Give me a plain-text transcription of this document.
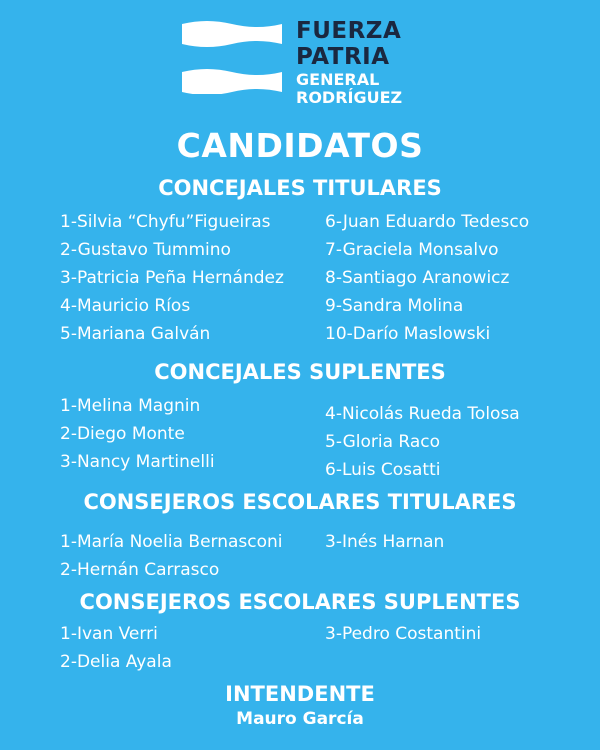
FUERZA
PATRIA
GENERAL
RODRÍGUEZ
CANDIDATOS
CONCEJALES TITULARES
1-Silvia “Chyfu”Figueiras
2-Gustavo Tummino
3-Patricia Peña Hernández
4-Mauricio Ríos
5-Mariana Galván
6-Juan Eduardo Tedesco
7-Graciela Monsalvo
8-Santiago Aranowicz
9-Sandra Molina
10-Darío Maslowski
CONCEJALES SUPLENTES
1-Melina Magnin
2-Diego Monte
3-Nancy Martinelli
4-Nicolás Rueda Tolosa
5-Gloria Raco
6-Luis Cosatti
CONSEJEROS ESCOLARES TITULARES
1-María Noelia Bernasconi
2-Hernán Carrasco
3-Inés Harnan
CONSEJEROS ESCOLARES SUPLENTES
1-Ivan Verri
2-Delia Ayala
3-Pedro Costantini
INTENDENTE
Mauro García
